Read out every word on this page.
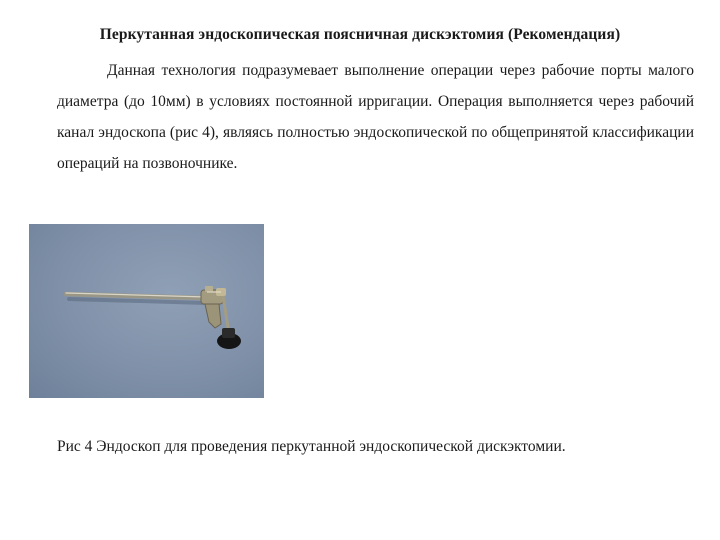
Перкутанная эндоскопическая поясничная дискэктомия (Рекомендация)

Данная технология подразумевает выполнение операции через рабочие порты малого диаметра (до 10мм) в условиях постоянной ирригации. Операция выполняется через рабочий канал эндоскопа (рис 4), являясь полностью эндоскопической по общепринятой классификации операций на позвоночнике.

Рис 4 Эндоскоп для проведения перкутанной эндоскопической дискэктомии.
